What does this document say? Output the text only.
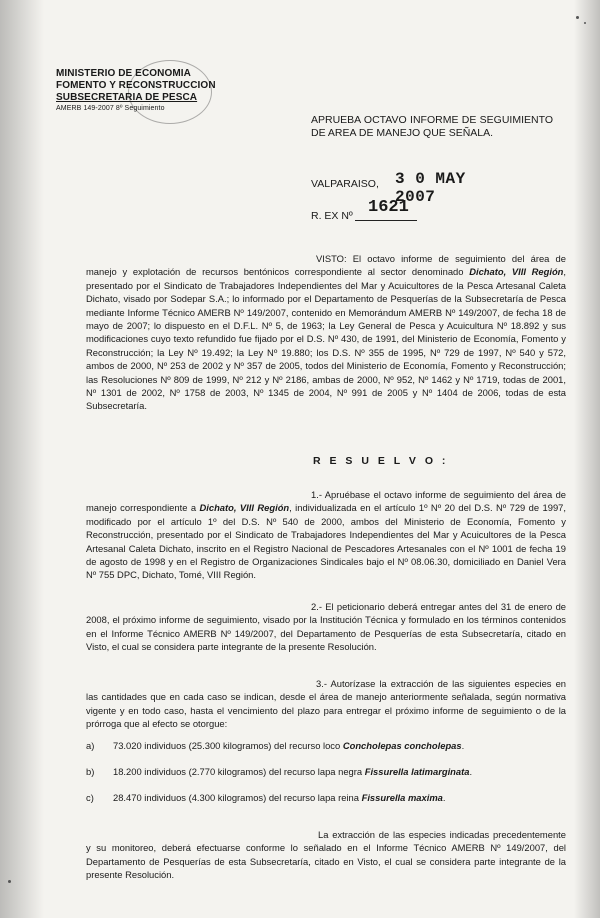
MINISTERIO DE ECONOMIA
FOMENTO Y RECONSTRUCCION
SUBSECRETARIA DE PESCA
AMERB 149-2007 8º Seguimiento
APRUEBA OCTAVO INFORME DE SEGUIMIENTO DE AREA DE MANEJO QUE SEÑALA.
VALPARAISO, 3 0 MAY 2007
R. EX Nº 1621
VISTO: El octavo informe de seguimiento del área de manejo y explotación de recursos bentónicos correspondiente al sector denominado Dichato, VIII Región, presentado por el Sindicato de Trabajadores Independientes del Mar y Acuicultores de la Pesca Artesanal Caleta Dichato, visado por Sodepar S.A.; lo informado por el Departamento de Pesquerías de la Subsecretaría de Pesca mediante Informe Técnico AMERB Nº 149/2007, contenido en Memorándum AMERB Nº 149/2007, de fecha 18 de mayo de 2007; lo dispuesto en el D.F.L. Nº 5, de 1963; la Ley General de Pesca y Acuicultura Nº 18.892 y sus modificaciones cuyo texto refundido fue fijado por el D.S. Nº 430, de 1991, del Ministerio de Economía, Fomento y Reconstrucción; la Ley Nº 19.492; la Ley Nº 19.880; los D.S. Nº 355 de 1995, Nº 729 de 1997, Nº 540 y 572, ambos de 2000, Nº 253 de 2002 y Nº 357 de 2005, todos del Ministerio de Economía, Fomento y Reconstrucción; las Resoluciones Nº 809 de 1999, Nº 212 y Nº 2186, ambas de 2000, Nº 952, Nº 1462 y Nº 1719, todas de 2001, Nº 1301 de 2002, Nº 1758 de 2003, Nº 1345 de 2004, Nº 991 de 2005 y Nº 1404 de 2006, todas de esta Subsecretaría.
R E S U E L V O :
1.- Apruébase el octavo informe de seguimiento del área de manejo correspondiente a Dichato, VIII Región, individualizada en el artículo 1º Nº 20 del D.S. Nº 729 de 1997, modificado por el artículo 1º del D.S. Nº 540 de 2000, ambos del Ministerio de Economía, Fomento y Reconstrucción, presentado por el Sindicato de Trabajadores Independientes del Mar y Acuicultores de la Pesca Artesanal Caleta Dichato, inscrito en el Registro Nacional de Pescadores Artesanales con el Nº 1001 de fecha 19 de agosto de 1998 y en el Registro de Organizaciones Sindicales bajo el Nº 08.06.30, domiciliado en Daniel Vera Nº 755 DPC, Dichato, Tomé, VIII Región.
2.- El peticionario deberá entregar antes del 31 de enero de 2008, el próximo informe de seguimiento, visado por la Institución Técnica y formulado en los términos contenidos en el Informe Técnico AMERB Nº 149/2007, del Departamento de Pesquerías de esta Subsecretaría, citado en Visto, el cual se considera parte integrante de la presente Resolución.
3.- Autorízase la extracción de las siguientes especies en las cantidades que en cada caso se indican, desde el área de manejo anteriormente señalada, según normativa vigente y en todo caso, hasta el vencimiento del plazo para entregar el próximo informe de seguimiento o de la prórroga que al efecto se otorgue:
a)	73.020 individuos (25.300 kilogramos) del recurso loco Concholepas concholepas.
b)	18.200 individuos (2.770 kilogramos) del recurso lapa negra Fissurella latimarginata.
c)	28.470 individuos (4.300 kilogramos) del recurso lapa reina Fissurella maxima.
La extracción de las especies indicadas precedentemente y su monitoreo, deberá efectuarse conforme lo señalado en el Informe Técnico AMERB Nº 149/2007, del Departamento de Pesquerías de esta Subsecretaría, citado en Visto, el cual se considera parte integrante de la presente Resolución.
